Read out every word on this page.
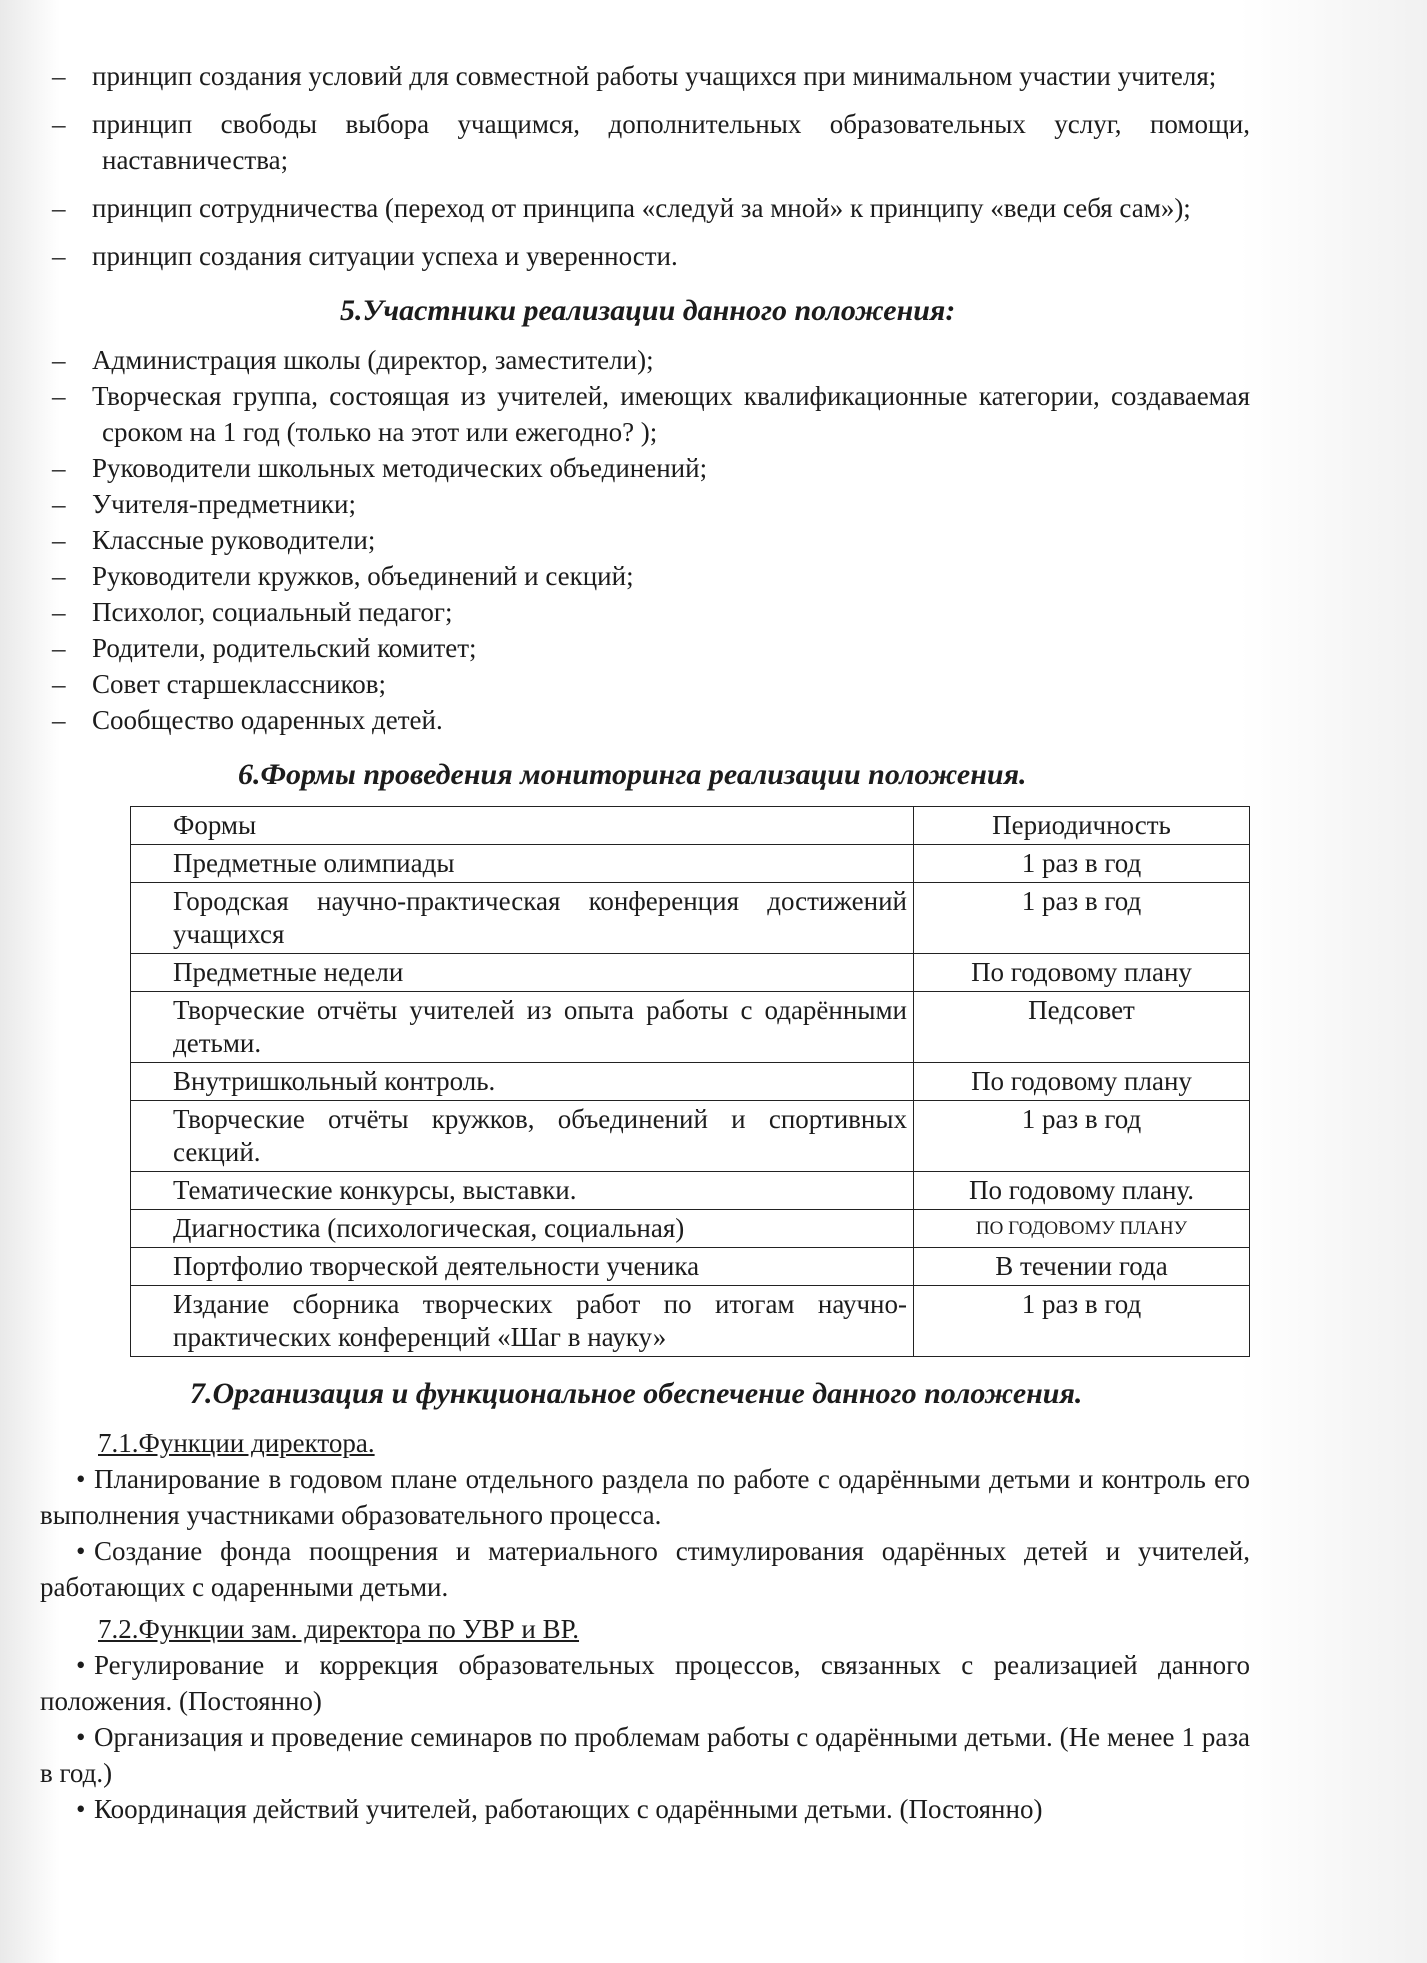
– принцип создания условий для совместной работы учащихся при минимальном участии учителя;

– принцип свободы выбора учащимся, дополнительных образовательных услуг, помощи, наставничества;

– принцип сотрудничества (переход от принципа «следуй за мной» к принципу «веди себя сам»);

– принцип создания ситуации успеха и уверенности.

5.Участники реализации данного положения:

– Администрация школы (директор, заместители);

– Творческая группа, состоящая из учителей, имеющих квалификационные категории, создаваемая сроком на 1 год (только на этот или ежегодно? );

– Руководители школьных методических объединений;

– Учителя-предметники;

– Классные руководители;

– Руководители кружков, объединений и секций;

– Психолог, социальный педагог;

– Родители, родительский комитет;

– Совет старшеклассников;

– Сообщество одаренных детей.

6.Формы проведения мониторинга реализации положения.
Формы	Периодичность

Предметные олимпиады	1 раз в год

Городская научно-практическая конференция достижений учащихся	1 раз в год

Предметные недели	По годовому плану

Творческие отчёты учителей из опыта работы с одарёнными детьми.	Педсовет

Внутришкольный контроль.	По годовому плану

Творческие отчёты кружков, объединений и спортивных секций.	1 раз в год

Тематические конкурсы, выставки.	По годовому плану.

Диагностика (психологическая, социальная)	ПО ГОДОВОМУ ПЛАНУ

Портфолио творческой деятельности ученика	В течении года

Издание сборника творческих работ по итогам научно-практических конференций «Шаг в науку»	1 раз в год
7.Организация и функциональное обеспечение данного положения.
7.1.Функции директора.

• Планирование в годовом плане отдельного раздела по работе с одарёнными детьми и контроль его выполнения участниками образовательного процесса.

• Создание фонда поощрения и материального стимулирования одарённых детей и учителей, работающих с одаренными детьми.

7.2.Функции зам. директора по УВР и ВР.

• Регулирование и коррекция образовательных процессов, связанных с реализацией данного положения. (Постоянно)

• Организация и проведение семинаров по проблемам работы с одарёнными детьми. (Не менее 1 раза в год.)

• Координация действий учителей, работающих с одарёнными детьми. (Постоянно)
